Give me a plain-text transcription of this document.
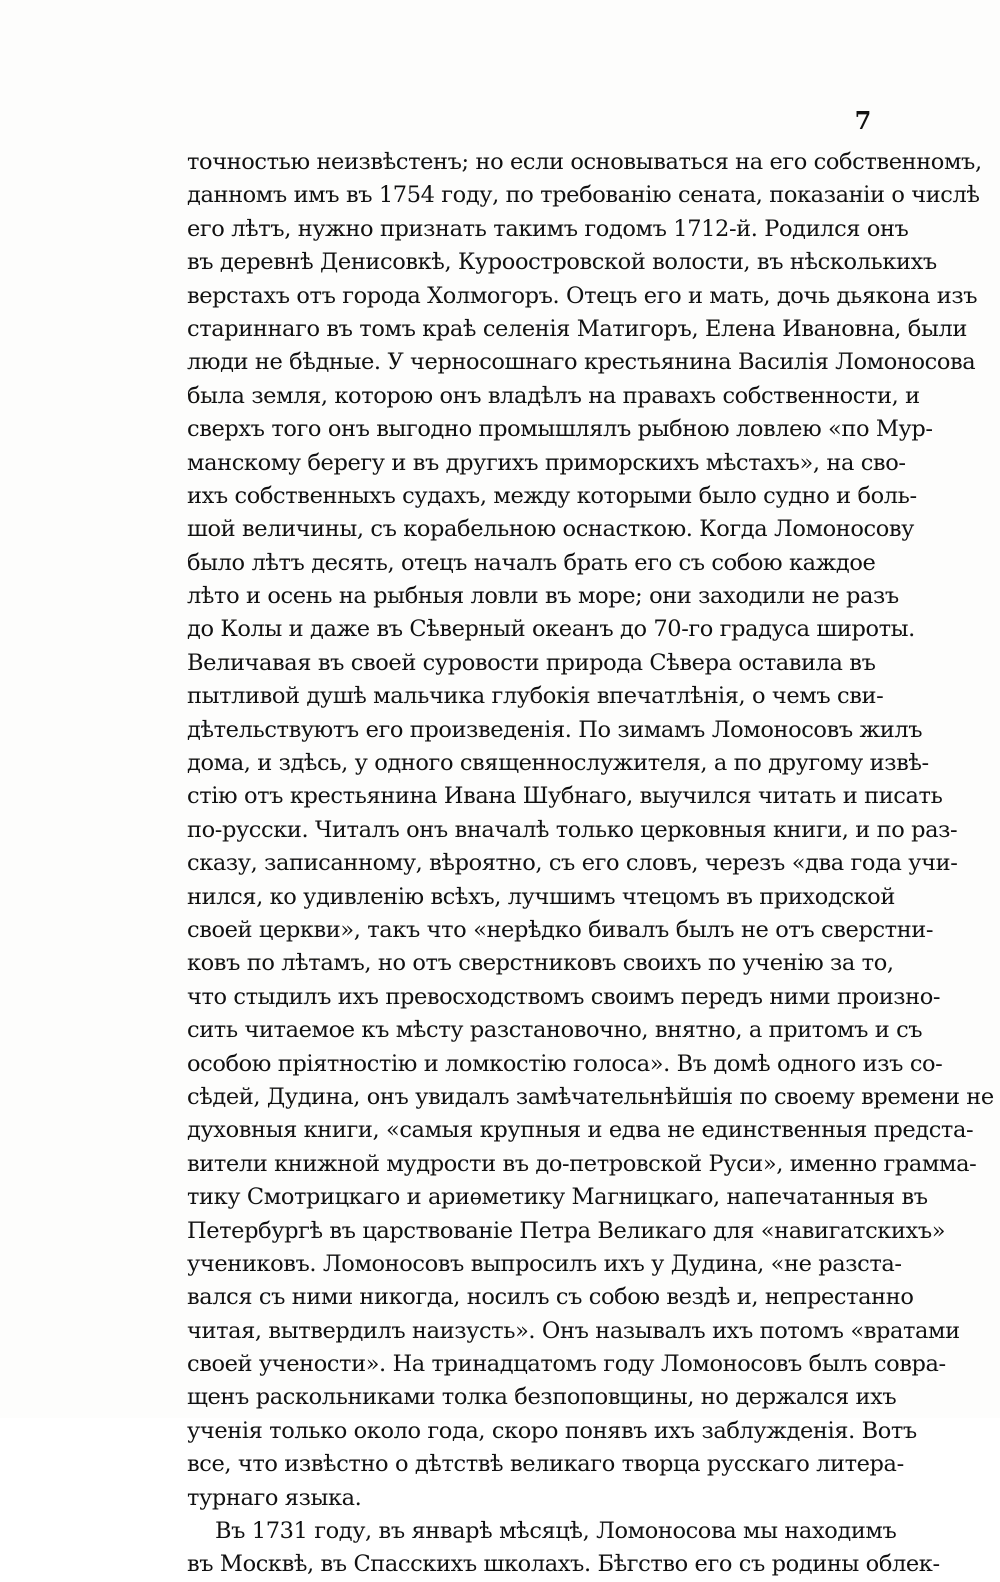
7
точностью неизвѣстенъ; но если основываться на его собственномъ,
данномъ имъ въ 1754 году, по требованію сената, показаніи о числѣ
его лѣтъ, нужно признать такимъ годомъ 1712-й. Родился онъ
въ деревнѣ Денисовкѣ, Куроостровской волости, въ нѣсколькихъ
верстахъ отъ города Холмогоръ. Отецъ его и мать, дочь дьякона изъ
стариннаго въ томъ краѣ селенія Матигоръ, Елена Ивановна, были
люди не бѣдные. У черносошнаго крестьянина Василія Ломоносова
была земля, которою онъ владѣлъ на правахъ собственности, и
сверхъ того онъ выгодно промышлялъ рыбною ловлею «по Мур-
манскому берегу и въ другихъ приморскихъ мѣстахъ», на сво-
ихъ собственныхъ судахъ, между которыми было судно и боль-
шой величины, съ корабельною оснасткою. Когда Ломоносову
было лѣтъ десять, отецъ началъ брать его съ собою каждое
лѣто и осень на рыбныя ловли въ море; они заходили не разъ
до Колы и даже въ Сѣверный океанъ до 70-го градуса широты.
Величавая въ своей суровости природа Сѣвера оставила въ
пытливой душѣ мальчика глубокія впечатлѣнія, о чемъ сви-
дѣтельствуютъ его произведенія. По зимамъ Ломоносовъ жилъ
дома, и здѣсь, у одного священнослужителя, а по другому извѣ-
стію отъ крестьянина Ивана Шубнаго, выучился читать и писать
по-русски. Читалъ онъ вначалѣ только церковныя книги, и по раз-
сказу, записанному, вѣроятно, съ его словъ, черезъ «два года учи-
нился, ко удивленію всѣхъ, лучшимъ чтецомъ въ приходской
своей церкви», такъ что «нерѣдко бивалъ былъ не отъ сверстни-
ковъ по лѣтамъ, но отъ сверстниковъ своихъ по ученію за то,
что стыдилъ ихъ превосходствомъ своимъ передъ ними произно-
сить читаемое къ мѣсту разстановочно, внятно, а притомъ и съ
особою пріятностію и ломкостію голоса». Въ домѣ одного изъ со-
сѣдей, Дудина, онъ увидалъ замѣчательнѣйшія по своему времени не
духовныя книги, «самыя крупныя и едва не единственныя предста-
вители книжной мудрости въ до-петровской Руси», именно грамма-
тику Смотрицкаго и ариѳметику Магницкаго, напечатанныя въ
Петербургѣ въ царствованіе Петра Великаго для «навигатскихъ»
учениковъ. Ломоносовъ выпросилъ ихъ у Дудина, «не разста-
вался съ ними никогда, носилъ съ собою вездѣ и, непрестанно
читая, вытвердилъ наизусть». Онъ называлъ ихъ потомъ «вратами
своей учености». На тринадцатомъ году Ломоносовъ былъ совра-
щенъ раскольниками толка безпоповщины, но держался ихъ
ученія только около года, скоро понявъ ихъ заблужденія. Вотъ
все, что извѣстно о дѣтствѣ великаго творца русскаго литера-
турнаго языка.
Въ 1731 году, въ январѣ мѣсяцѣ, Ломоносова мы находимъ
въ Москвѣ, въ Спасскихъ школахъ. Бѣгство его съ родины облек-
